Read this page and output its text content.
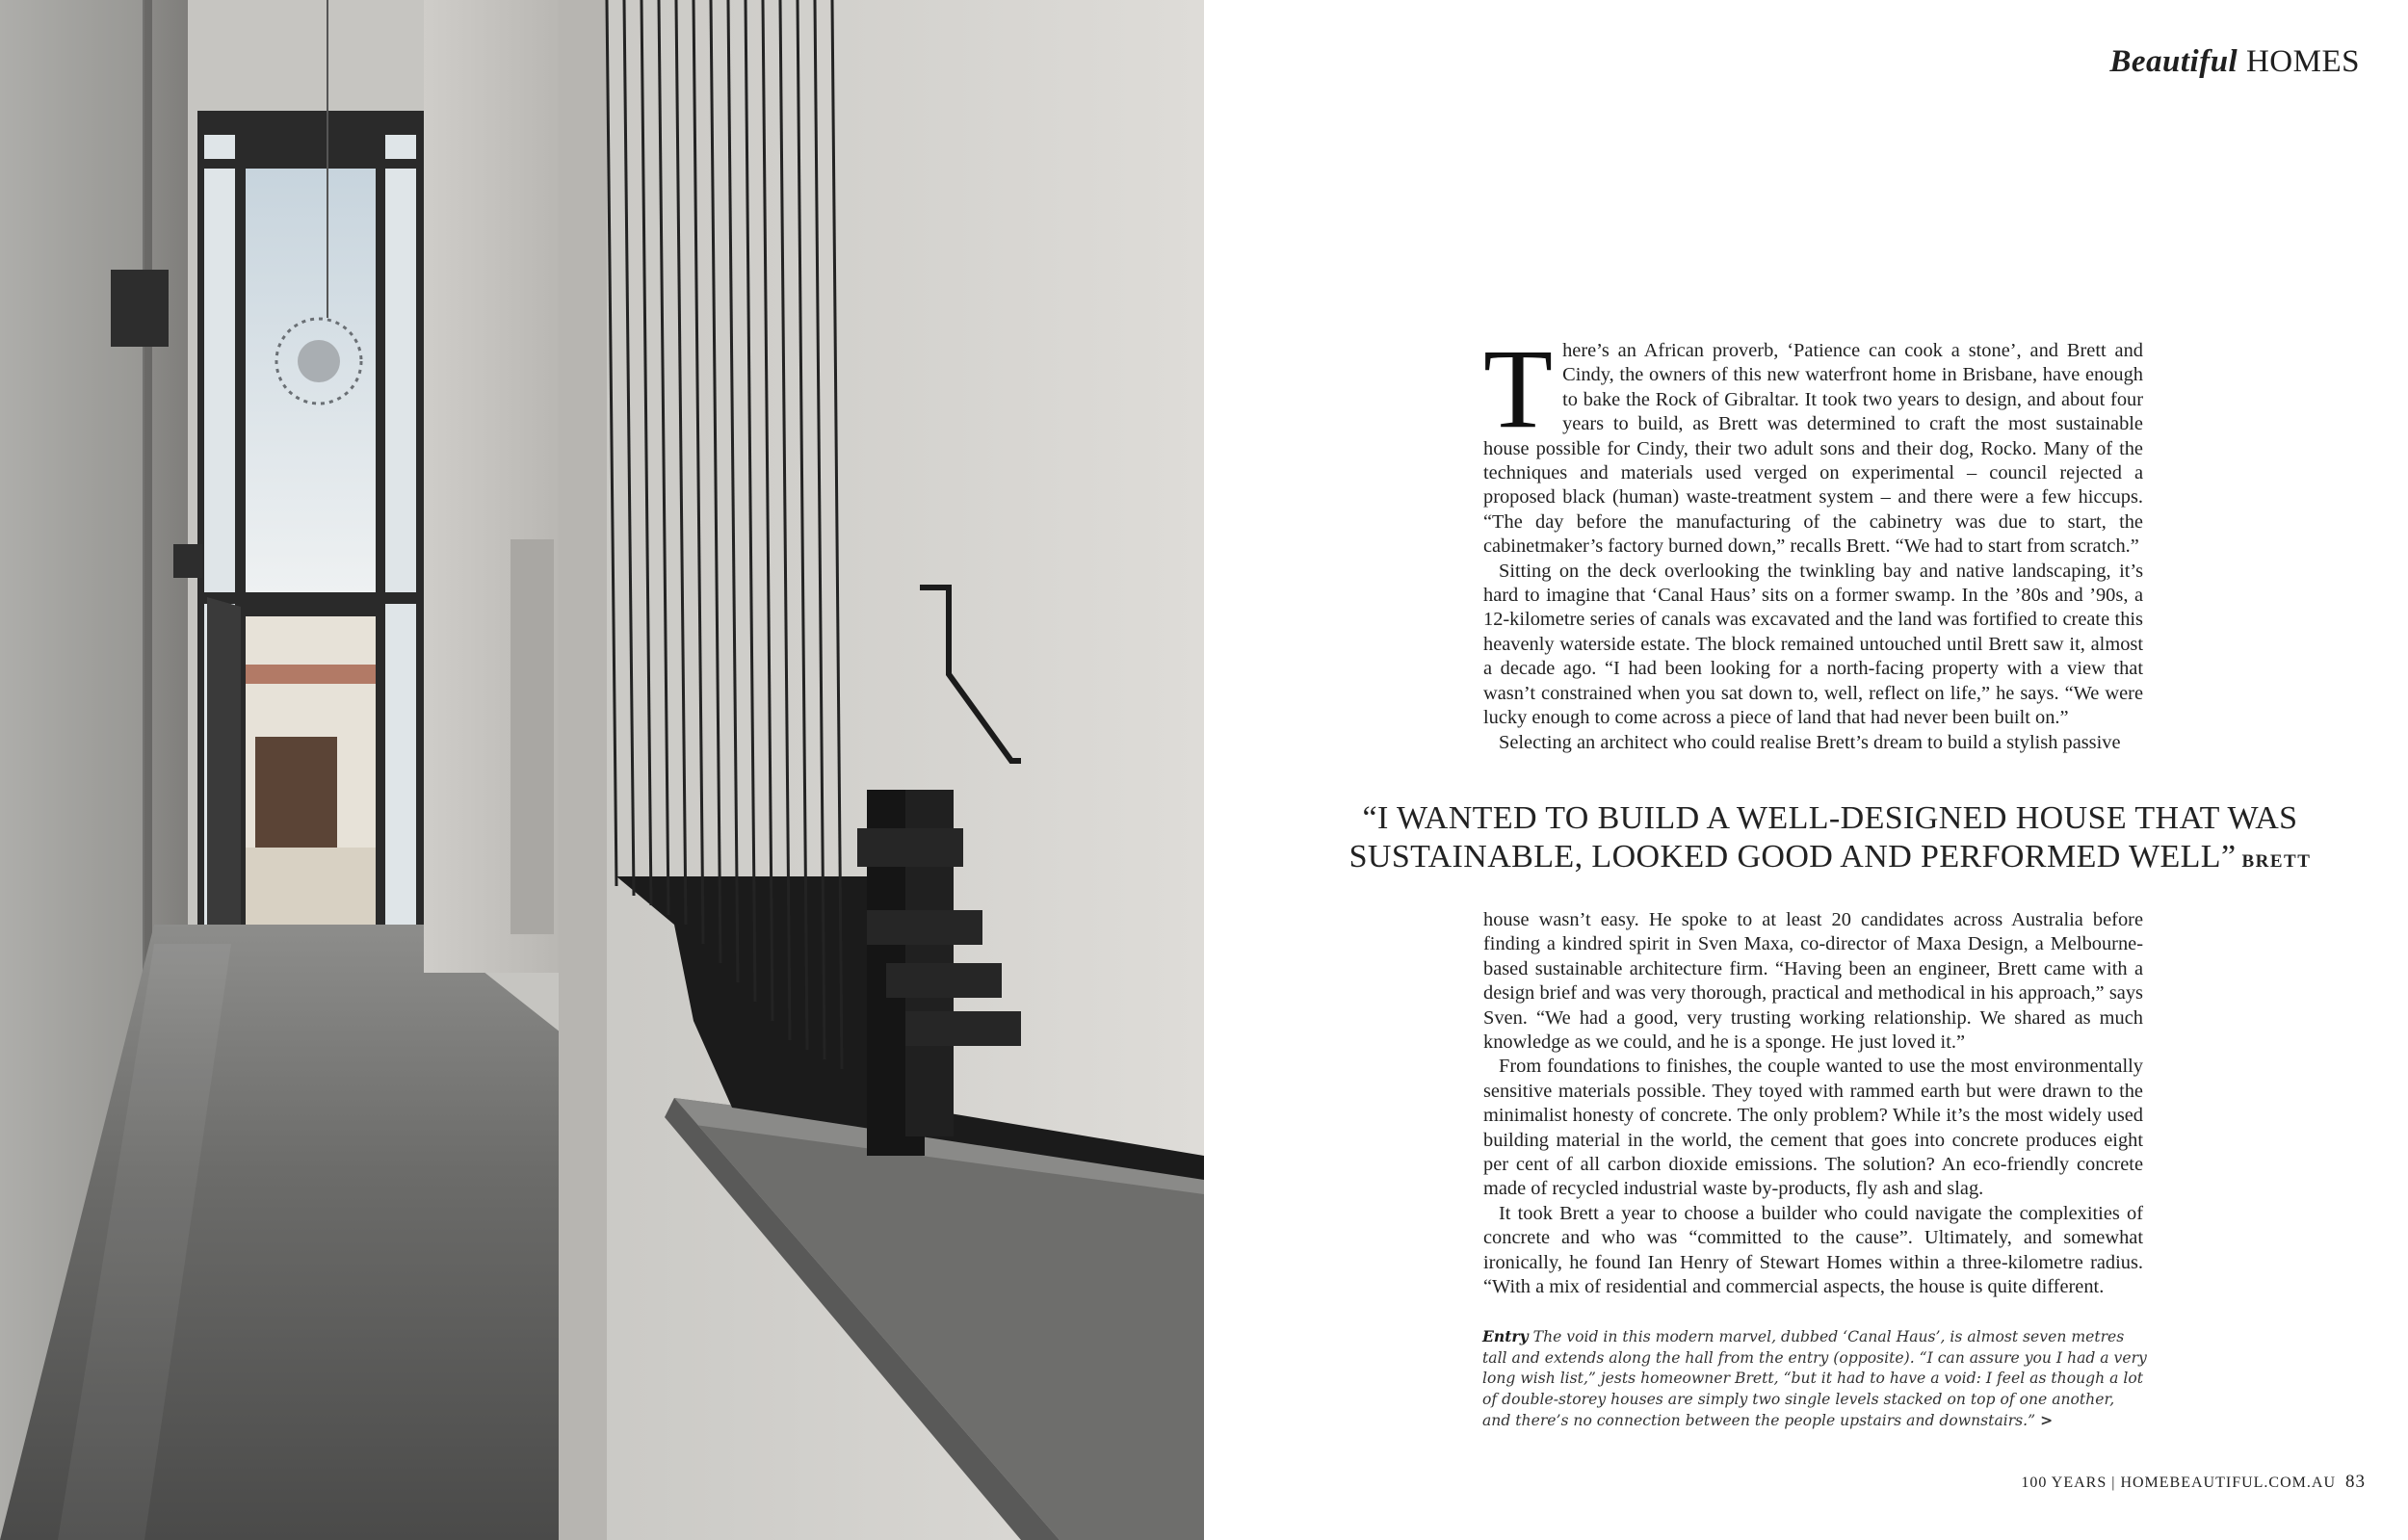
Beautiful HOMES

There’s an African proverb, ‘Patience can cook a stone’, and Brett and Cindy, the owners of this new waterfront home in Brisbane, have enough to bake the Rock of Gibraltar. It took two years to design, and about four years to build, as Brett was determined to craft the most sustainable house possible for Cindy, their two adult sons and their dog, Rocko. Many of the techniques and materials used verged on experimental – council rejected a proposed black (human) waste-treatment system – and there were a few hiccups. “The day before the manufacturing of the cabinetry was due to start, the cabinetmaker’s factory burned down,” recalls Brett. “We had to start from scratch.”

Sitting on the deck overlooking the twinkling bay and native landscaping, it’s hard to imagine that ‘Canal Haus’ sits on a former swamp. In the ’80s and ’90s, a 12-kilometre series of canals was excavated and the land was fortified to create this heavenly waterside estate. The block remained untouched until Brett saw it, almost a decade ago. “I had been looking for a north-facing property with a view that wasn’t constrained when you sat down to, well, reflect on life,” he says. “We were lucky enough to come across a piece of land that had never been built on.”

Selecting an architect who could realise Brett’s dream to build a stylish passive

“I WANTED TO BUILD A WELL-DESIGNED HOUSE THAT WAS
SUSTAINABLE, LOOKED GOOD AND PERFORMED WELL” BRETT

house wasn’t easy. He spoke to at least 20 candidates across Australia before finding a kindred spirit in Sven Maxa, co-director of Maxa Design, a Melbourne-based sustainable architecture firm. “Having been an engineer, Brett came with a design brief and was very thorough, practical and methodical in his approach,” says Sven. “We had a good, very trusting working relationship. We shared as much knowledge as we could, and he is a sponge. He just loved it.”

From foundations to finishes, the couple wanted to use the most environmentally sensitive materials possible. They toyed with rammed earth but were drawn to the minimalist honesty of concrete. The only problem? While it’s the most widely used building material in the world, the cement that goes into concrete produces eight per cent of all carbon dioxide emissions. The solution? An eco-friendly concrete made of recycled industrial waste by-products, fly ash and slag.

It took Brett a year to choose a builder who could navigate the complexities of concrete and who was “committed to the cause”. Ultimately, and somewhat ironically, he found Ian Henry of Stewart Homes within a three-kilometre radius. “With a mix of residential and commercial aspects, the house is quite different.

Entry The void in this modern marvel, dubbed ‘Canal Haus’, is almost seven metres tall and extends along the hall from the entry (opposite). “I can assure you I had a very long wish list,” jests homeowner Brett, “but it had to have a void: I feel as though a lot of double-storey houses are simply two single levels stacked on top of one another, and there’s no connection between the people upstairs and downstairs.” >
100 YEARS | HOMEBEAUTIFUL.COM.AU 83
